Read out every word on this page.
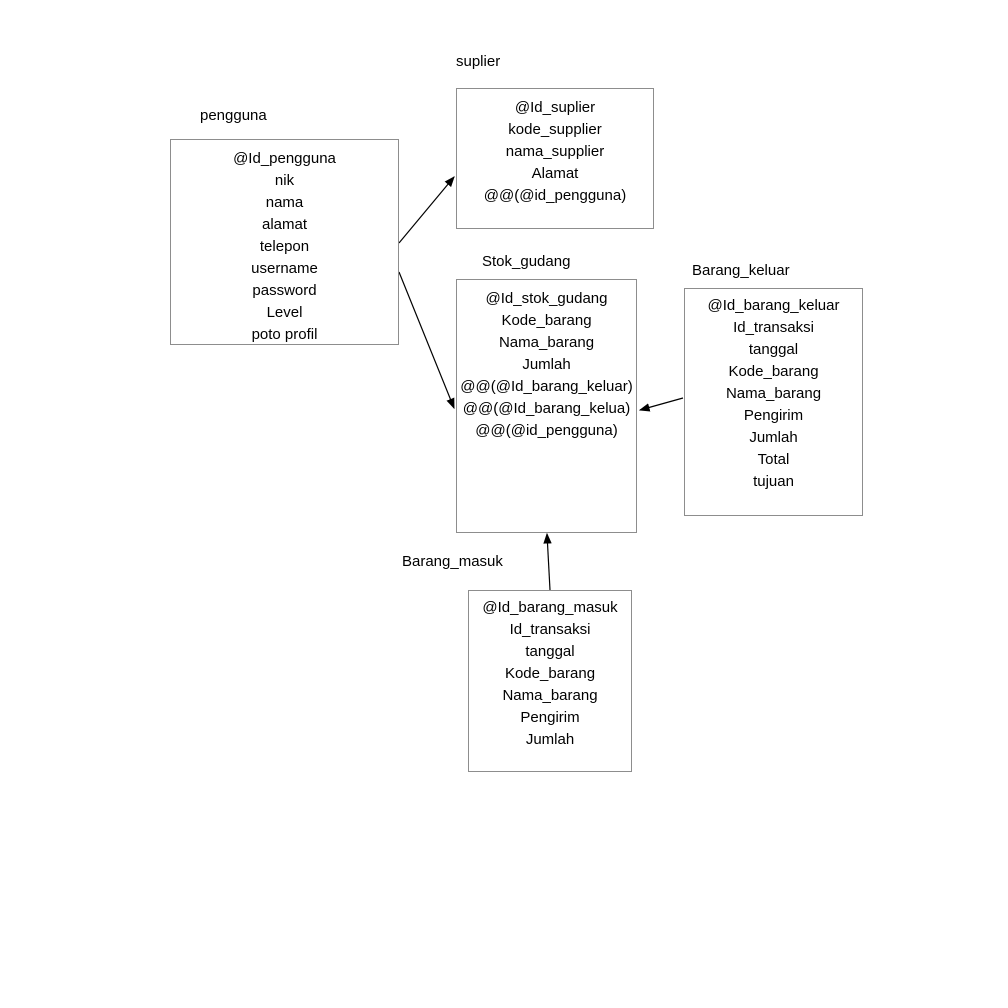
pengguna
@Id_pengguna
nik
nama
alamat
telepon
username
password
Level
poto profil
suplier
@Id_suplier
kode_supplier
nama_supplier
Alamat
@@(@id_pengguna)
Stok_gudang
@Id_stok_gudang
Kode_barang
Nama_barang
Jumlah
@@(@Id_barang_keluar)
@@(@Id_barang_kelua)
@@(@id_pengguna)
Barang_keluar
@Id_barang_keluar
Id_transaksi
tanggal
Kode_barang
Nama_barang
Pengirim
Jumlah
Total
tujuan
Barang_masuk
@Id_barang_masuk
Id_transaksi
tanggal
Kode_barang
Nama_barang
Pengirim
Jumlah
